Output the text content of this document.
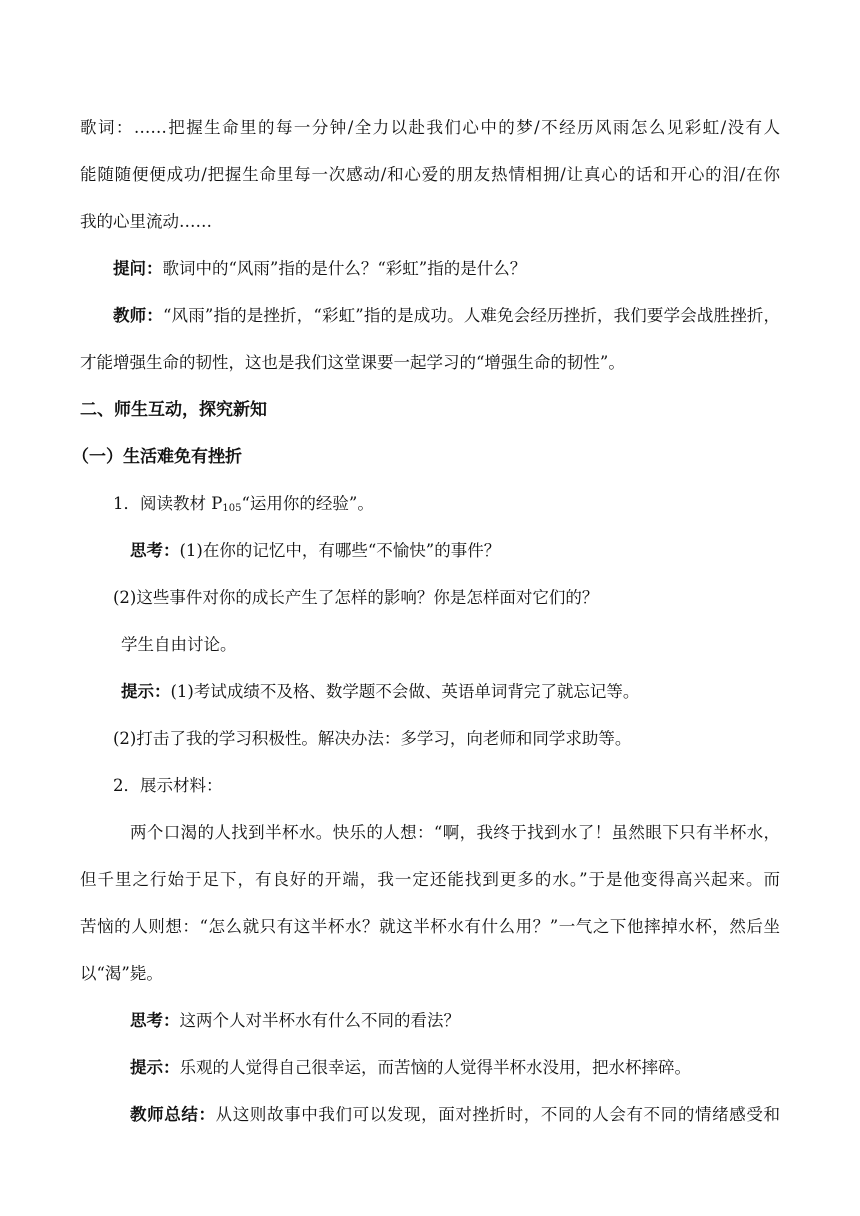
歌词：……把握生命里的每一分钟/全力以赴我们心中的梦/不经历风雨怎么见彩虹/没有人
能随随便便成功/把握生命里每一次感动/和心爱的朋友热情相拥/让真心的话和开心的泪/在你
我的心里流动……
提问：歌词中的“风雨”指的是什么？“彩虹”指的是什么？
教师：“风雨”指的是挫折，“彩虹”指的是成功。人难免会经历挫折，我们要学会战胜挫折，
才能增强生命的韧性，这也是我们这堂课要一起学习的“增强生命的韧性”。
二、师生互动，探究新知
（一）生活难免有挫折
1．阅读教材 $P_{105}“$运用你的经验”。
思考：(1)在你的记忆中，有哪些“不愉快”的事件？
(2)这些事件对你的成长产生了怎样的影响？你是怎样面对它们的？
学生自由讨论。
提示：(1)考试成绩不及格、数学题不会做、英语单词背完了就忘记等。
(2)打击了我的学习积极性。解决办法：多学习，向老师和同学求助等。
2．展示材料：
两个口渴的人找到半杯水。快乐的人想：“啊，我终于找到水了！虽然眼下只有半杯水，
但千里之行始于足下，有良好的开端，我一定还能找到更多的水。”于是他变得高兴起来。而
苦恼的人则想：“怎么就只有这半杯水？就这半杯水有什么用？”一气之下他摔掉水杯，然后坐
以“渴”毙。
思考：这两个人对半杯水有什么不同的看法？
提示：乐观的人觉得自己很幸运，而苦恼的人觉得半杯水没用，把水杯摔碎。
教师总结：从这则故事中我们可以发现，面对挫折时，不同的人会有不同的情绪感受和
